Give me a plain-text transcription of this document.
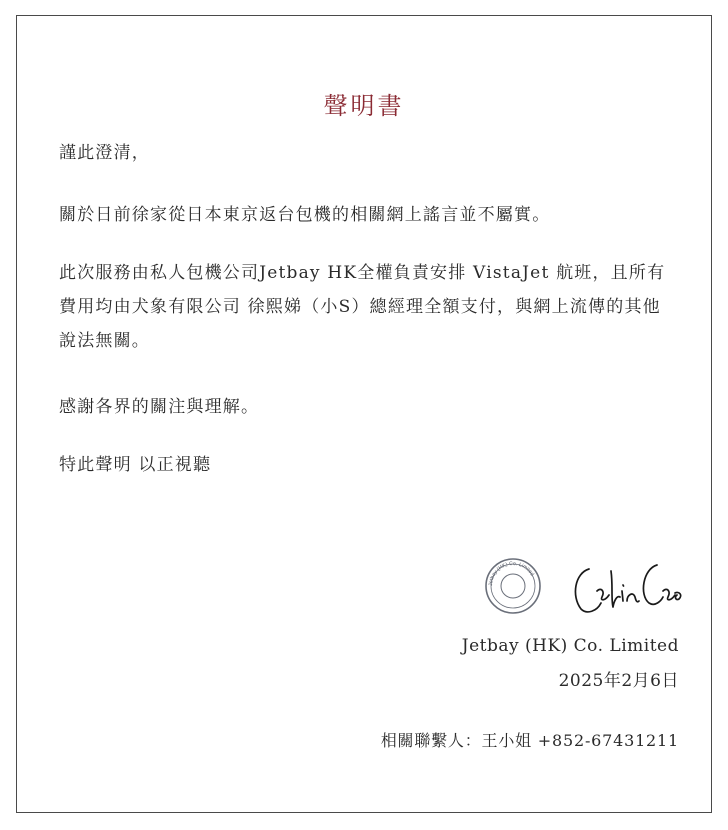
聲明書

謹此澄清，

關於日前徐家從日本東京返台包機的相關網上謠言並不屬實。

此次服務由私人包機公司Jetbay HK全權負責安排 VistaJet 航班，且所有費用均由犬象有限公司 徐熙娣（小S）總經理全額支付，與網上流傳的其他說法無關。

感謝各界的關注與理解。

特此聲明 以正視聽

Jetbay (HK) Co. Limited
Jetbay (HK) Co. Limited
2025年2月6日
相關聯繫人：王小姐 +852-67431211
